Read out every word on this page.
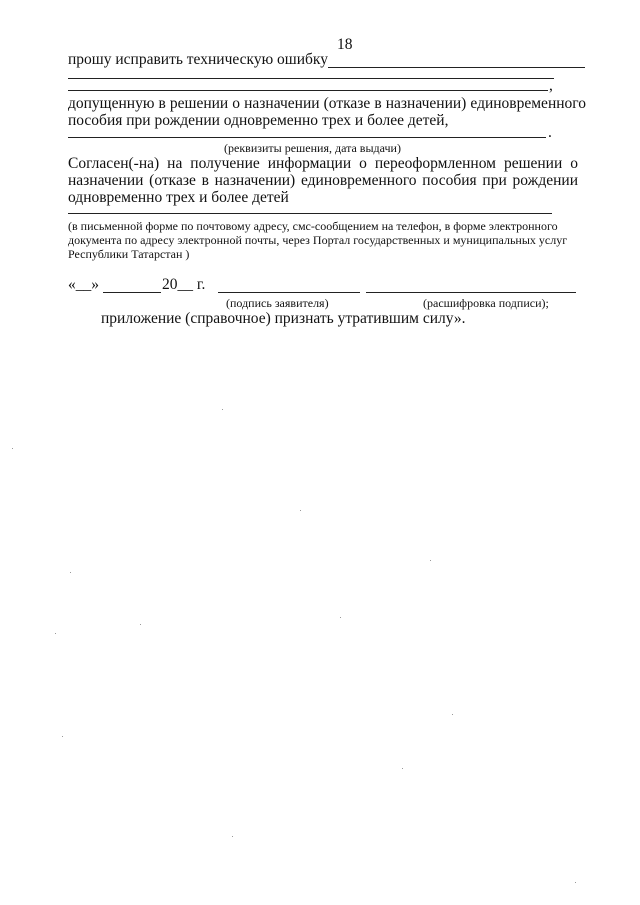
18
прошу исправить техническую ошибку
,
допущенную в решении о назначении (отказе в назначении) единовременного
пособия при рождении одновременно трех и более детей,
.
(реквизиты решения, дата выдачи)
Согласен(-на) на получение информации о переоформленном решении о
назначении (отказе в назначении) единовременного пособия при рождении
одновременно трех и более детей
(в письменной форме по почтовому адресу, смс-сообщением на телефон, в форме электронного
документа по адресу электронной почты, через Портал государственных и муниципальных услуг
Республики Татарстан )
«__»	20__ г.
(подпись заявителя)	(расшифровка подписи);
приложение (справочное) признать утратившим силу».
